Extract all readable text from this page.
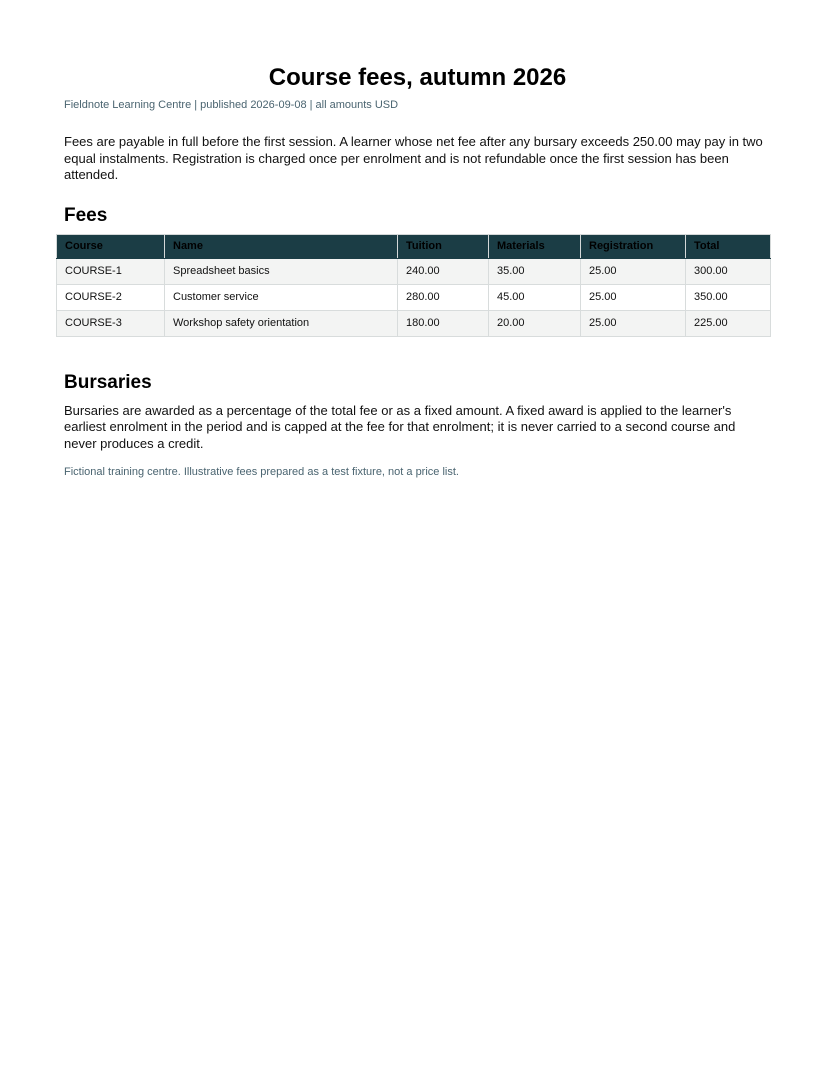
Course fees, autumn 2026
Fieldnote Learning Centre | published 2026-09-08 | all amounts USD

Fees are payable in full before the first session. A learner whose net fee after any bursary exceeds 250.00 may pay in two equal instalments. Registration is charged once per enrolment and is not refundable once the first session has been attended.

Fees
Course	Name	Tuition	Materials	Registration	Total
COURSE-1	Spreadsheet basics	240.00	35.00	25.00	300.00
COURSE-2	Customer service	280.00	45.00	25.00	350.00
COURSE-3	Workshop safety orientation	180.00	20.00	25.00	225.00
Bursaries

Bursaries are awarded as a percentage of the total fee or as a fixed amount. A fixed award is applied to the learner's earliest enrolment in the period and is capped at the fee for that enrolment; it is never carried to a second course and never produces a credit.

Fictional training centre. Illustrative fees prepared as a test fixture, not a price list.
